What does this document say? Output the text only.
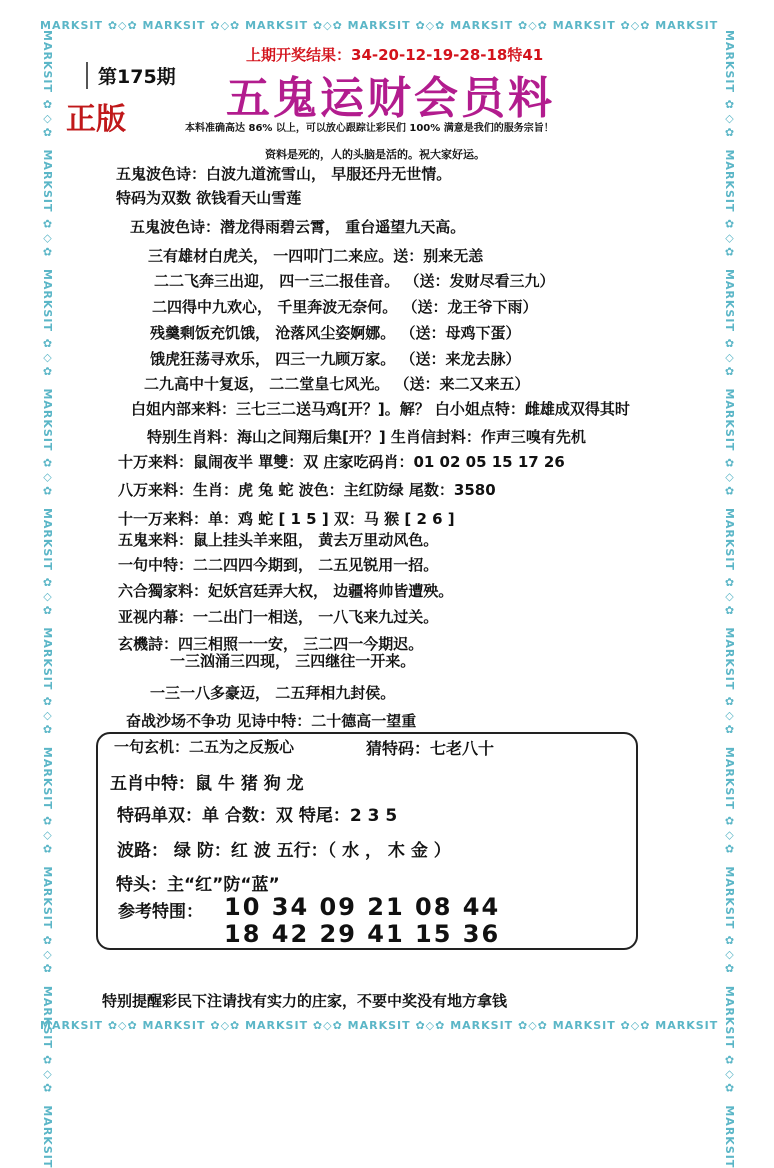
MARKSIT ✿◇✿ MARKSIT ✿◇✿ MARKSIT ✿◇✿ MARKSIT ✿◇✿ MARKSIT ✿◇✿ MARKSIT ✿◇✿ MARKSIT
MARKSIT ✿◇✿ MARKSIT ✿◇✿ MARKSIT ✿◇✿ MARKSIT ✿◇✿ MARKSIT ✿◇✿ MARKSIT ✿◇✿ MARKSIT
MARKSIT ✿◇✿  MARKSIT ✿◇✿  MARKSIT ✿◇✿  MARKSIT ✿◇✿  MARKSIT ✿◇✿  MARKSIT ✿◇✿  MARKSIT ✿◇✿  MARKSIT ✿◇✿  MARKSIT ✿◇✿  MARKSIT
MARKSIT ✿◇✿  MARKSIT ✿◇✿  MARKSIT ✿◇✿  MARKSIT ✿◇✿  MARKSIT ✿◇✿  MARKSIT ✿◇✿  MARKSIT ✿◇✿  MARKSIT ✿◇✿  MARKSIT ✿◇✿  MARKSIT
第175期
正版
上期开奖结果：34-20-12-19-28-18特41
五鬼运财会员料
本料准确高达 86% 以上，可以放心跟踪让彩民们 100% 满意是我们的服务宗旨！
资料是死的，人的头脑是活的。祝大家好运。
五鬼波色诗：白波九道流雪山， 早服还丹无世情。
特码为双数 欲钱看天山雪莲
五鬼波色诗：潜龙得雨碧云霄， 重台遥望九天高。
三有雄材白虎关， 一四叩门二来应。送：别来无恙
二二飞奔三出迎， 四一三二报佳音。 （送：发财尽看三九）
二四得中九欢心， 千里奔波无奈何。 （送：龙王爷下雨）
残羹剩饭充饥饿， 沧落风尘姿婀娜。 （送：母鸡下蛋）
饿虎狂荡寻欢乐， 四三一九顾万家。 （送：来龙去脉）
二九高中十复返， 二二堂皇七风光。 （送：来二又来五）
白姐内部来料：三七三二送马鸡[开？]。解？ 白小姐点特：雌雄成双得其时
特别生肖料：海山之间翔后集[开？] 生肖信封料：作声三嗅有先机
十万来料：鼠闹夜半 單雙：双 庄家吃码肖：01 02 05 15 17 26
八万来料：生肖：虎 兔 蛇 波色：主红防绿 尾数：3580
十一万来料：单：鸡 蛇 [ 1 5 ] 双：马 猴 [ 2 6 ]
五鬼来料：鼠上挂头羊来阻， 黄去万里动风色。
一句中特：二二四四今期到， 二五见锐用一招。
六合獨家料：妃妖宫廷弄大权， 边疆将帅皆遭殃。
亚视内幕：一二出门一相送， 一八飞来九过关。
玄機詩：四三相照一一安， 三二四一今期迟。
一三汹涌三四现， 三四继往一开来。
一三一八多豪迈， 二五拜相九封侯。
奋战沙场不争功 见诗中特：二十德高一望重
一句玄机：二五为之反叛心	猜特码：七老八十
五肖中特：鼠 牛 猪 狗 龙
特码单双：单 合数：双 特尾：2 3 5
波路： 绿 防：红 波 五行：（ 水 ， 木 金 ）
特头：主“红”防“蓝”
参考特围： 10 34 09 21 08 44
18 42 29 41 15 36
特别提醒彩民下注请找有实力的庄家，不要中奖没有地方拿钱
